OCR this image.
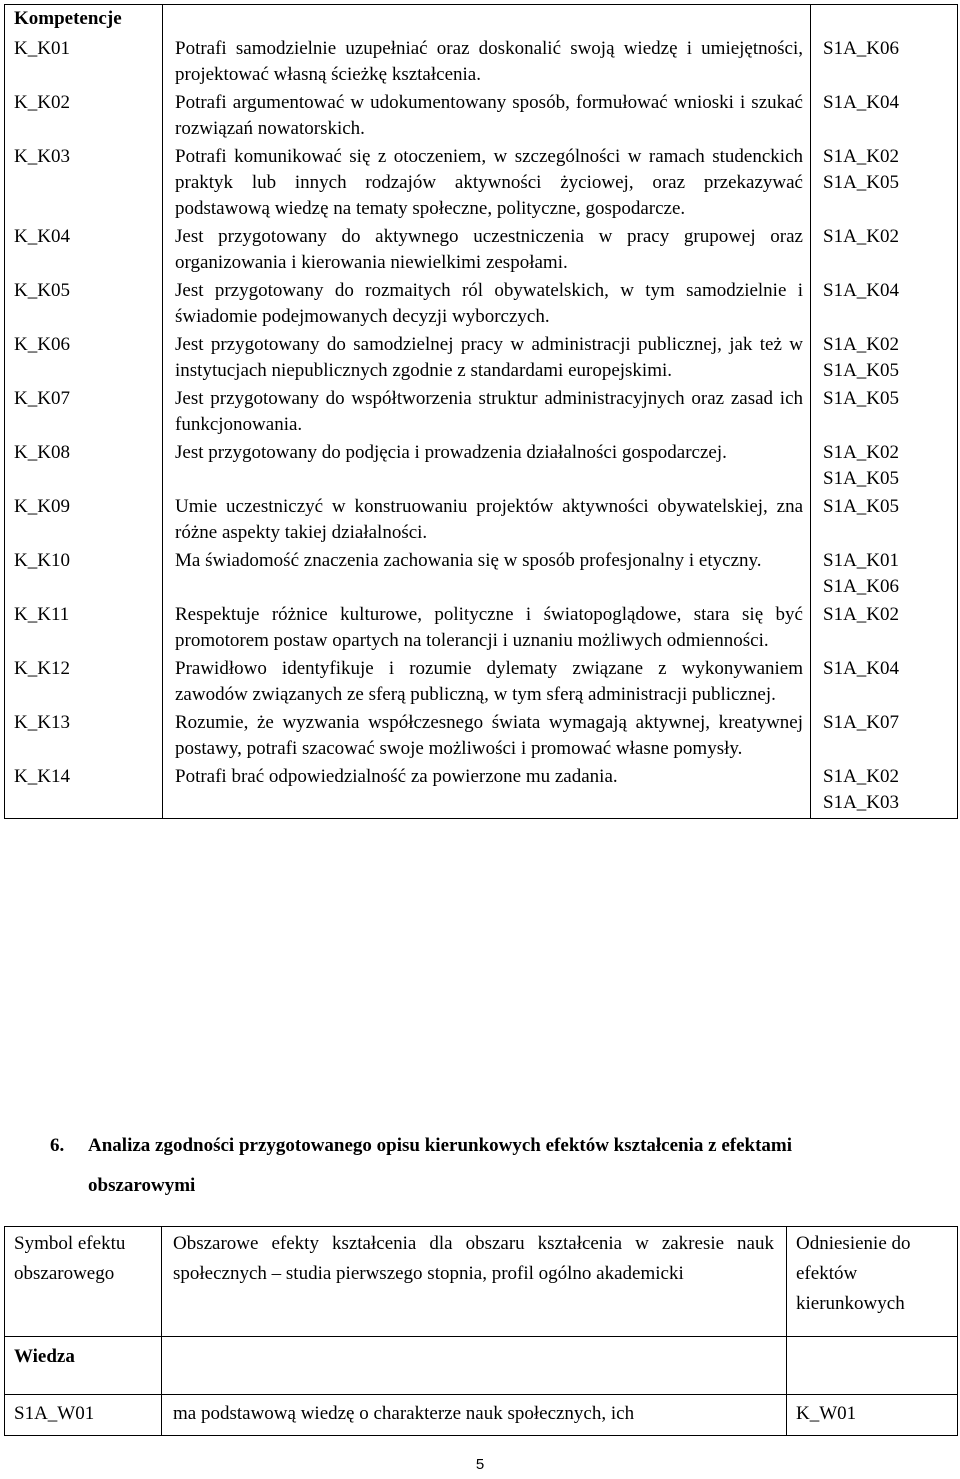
Kompetencje		
K_K01	Potrafi samodzielnie uzupełniać oraz doskonalić swoją wiedzę i umiejętności, projektować własną ścieżkę kształcenia.	S1A_K06

K_K02	Potrafi argumentować w udokumentowany sposób, formułować wnioski i szukać rozwiązań nowatorskich.	S1A_K04

K_K03	Potrafi komunikować się z otoczeniem, w szczególności w ramach studenckich praktyk lub innych rodzajów aktywności życiowej, oraz przekazywać podstawową wiedzę na tematy społeczne, polityczne, gospodarcze.	S1A_K02
S1A_K05

K_K04	Jest przygotowany do aktywnego uczestniczenia w pracy grupowej oraz organizowania i kierowania niewielkimi zespołami.	S1A_K02

K_K05	Jest przygotowany do rozmaitych ról obywatelskich, w tym samodzielnie i świadomie podejmowanych decyzji wyborczych.	S1A_K04

K_K06	Jest przygotowany do samodzielnej pracy w administracji publicznej, jak też w instytucjach niepublicznych zgodnie z standardami europejskimi.	S1A_K02
S1A_K05

K_K07	Jest przygotowany do współtworzenia struktur administracyjnych oraz zasad ich funkcjonowania.	S1A_K05

K_K08	Jest przygotowany do podjęcia i prowadzenia działalności gospodarczej.	S1A_K02
S1A_K05

K_K09	Umie uczestniczyć w konstruowaniu projektów aktywności obywatelskiej, zna różne aspekty takiej działalności.	S1A_K05

K_K10	Ma świadomość znaczenia zachowania się w sposób profesjonalny i etyczny.	S1A_K01
S1A_K06

K_K11	Respektuje różnice kulturowe, polityczne i światopoglądowe, stara się być promotorem postaw opartych na tolerancji i uznaniu możliwych odmienności.	S1A_K02

K_K12	Prawidłowo identyfikuje i rozumie dylematy związane z wykonywaniem zawodów związanych ze sferą publiczną, w tym sferą administracji publicznej.	S1A_K04

K_K13	Rozumie, że wyzwania współczesnego świata wymagają aktywnej, kreatywnej postawy, potrafi szacować swoje możliwości i promować własne pomysły.	S1A_K07

K_K14	Potrafi brać odpowiedzialność za powierzone mu zadania.	S1A_K02
S1A_K03
6. Analiza zgodności przygotowanego opisu kierunkowych efektów kształcenia z efektami
obszarowymi
Symbol efektu obszarowego	Obszarowe efekty kształcenia dla obszaru kształcenia w zakresie nauk społecznych – studia pierwszego stopnia, profil ogólno akademicki	Odniesienie do efektów kierunkowych
Wiedza		
S1A_W01	ma podstawową wiedzę o charakterze nauk społecznych, ich	K_W01
5
